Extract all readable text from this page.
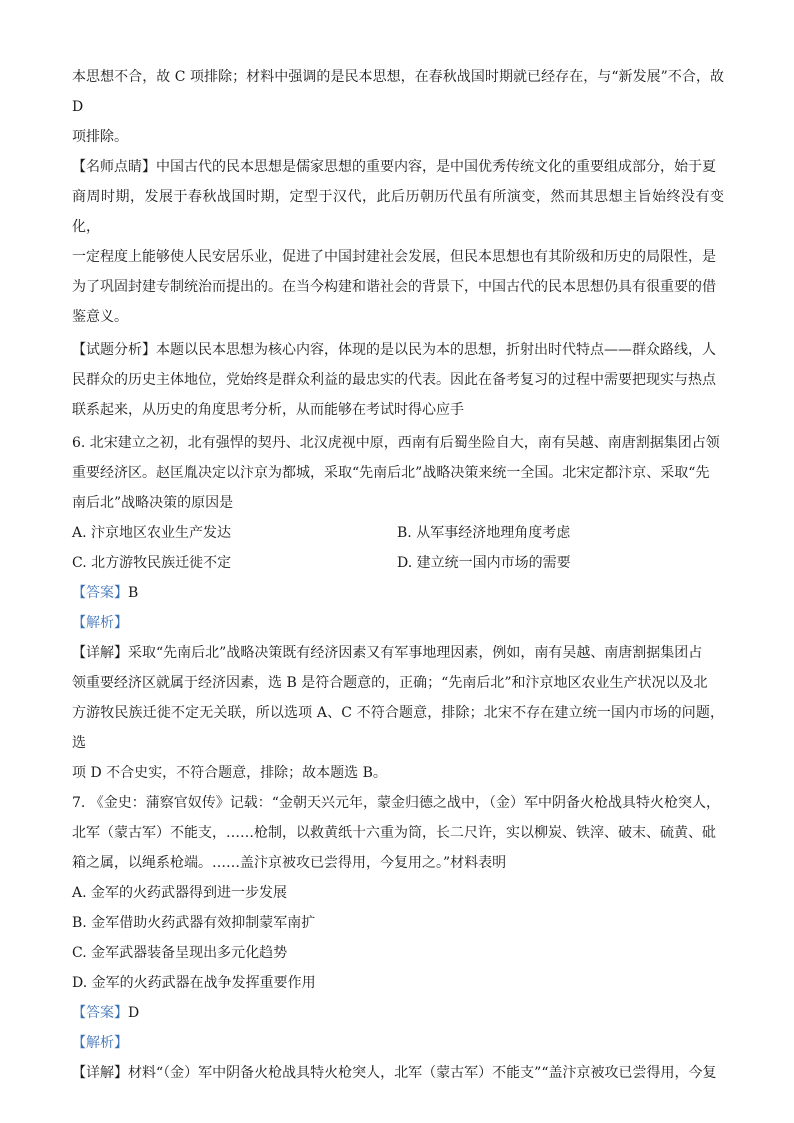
本思想不合，故 C 项排除；材料中强调的是民本思想，在春秋战国时期就已经存在，与“新发展”不合，故 D
项排除。

【名师点睛】中国古代的民本思想是儒家思想的重要内容，是中国优秀传统文化的重要组成部分，始于夏
商周时期，发展于春秋战国时期，定型于汉代，此后历朝历代虽有所演变，然而其思想主旨始终没有变化，
一定程度上能够使人民安居乐业，促进了中国封建社会发展，但民本思想也有其阶级和历史的局限性，是
为了巩固封建专制统治而提出的。在当今构建和谐社会的背景下，中国古代的民本思想仍具有很重要的借
鉴意义。

【试题分析】本题以民本思想为核心内容，体现的是以民为本的思想，折射出时代特点——群众路线，人
民群众的历史主体地位，党始终是群众利益的最忠实的代表。因此在备考复习的过程中需要把现实与热点
联系起来，从历史的角度思考分析，从而能够在考试时得心应手

6. 北宋建立之初，北有强悍的契丹、北汉虎视中原，西南有后蜀坐险自大，南有吴越、南唐割据集团占领
重要经济区。赵匡胤决定以汴京为都城，采取“先南后北”战略决策来统一全国。北宋定都汴京、采取“先
南后北”战略决策的原因是

A. 汴京地区农业生产发达	B. 从军事经济地理角度考虑
C. 北方游牧民族迁徙不定	D. 建立统一国内市场的需要

【答案】B

【解析】

【详解】采取“先南后北”战略决策既有经济因素又有军事地理因素，例如，南有吴越、南唐割据集团占
领重要经济区就属于经济因素，选 B 是符合题意的，正确；“先南后北”和汴京地区农业生产状况以及北
方游牧民族迁徙不定无关联，所以选项 A、C 不符合题意，排除；北宋不存在建立统一国内市场的问题，选
项 D 不合史实，不符合题意，排除；故本题选 B。

7. 《金史：蒲察官奴传》记载：“金朝天兴元年，蒙金归德之战中，（金）军中阴备火枪战具特火枪突人，
北军（蒙古军）不能支，……枪制，以救黄纸十六重为筒，长二尺许，实以柳炭、铁滓、破末、硫黄、砒
箱之属，以绳系枪端。……盖汴京被攻已尝得用，今复用之。”材料表明

A. 金军的火药武器得到进一步发展

B. 金军借助火药武器有效抑制蒙军南扩

C. 金军武器装备呈现出多元化趋势

D. 金军的火药武器在战争发挥重要作用

【答案】D

【解析】

【详解】材料“（金）军中阴备火枪战具特火枪突人，北军（蒙古军）不能支”“盖汴京被攻已尝得用，今复
